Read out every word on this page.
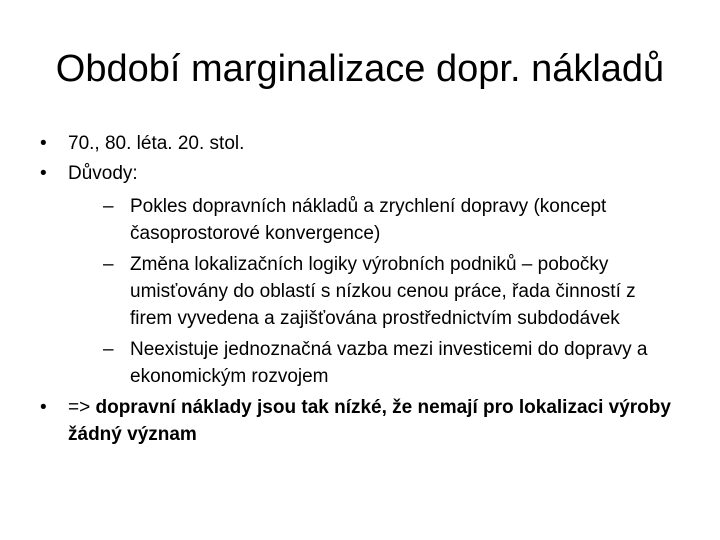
Období marginalizace dopr. nákladů
• 70., 80. léta. 20. stol.
• Důvody:
– Pokles dopravních nákladů a zrychlení dopravy (koncept
časoprostorové konvergence)
– Změna lokalizačních logiky výrobních podniků – pobočky
umisťovány do oblastí s nízkou cenou práce, řada činností z
firem vyvedena a zajišťována prostřednictvím subdodávek
– Neexistuje jednoznačná vazba mezi investicemi do dopravy a
ekonomickým rozvojem
• => dopravní náklady jsou tak nízké, že nemají pro lokalizaci výroby
žádný význam
